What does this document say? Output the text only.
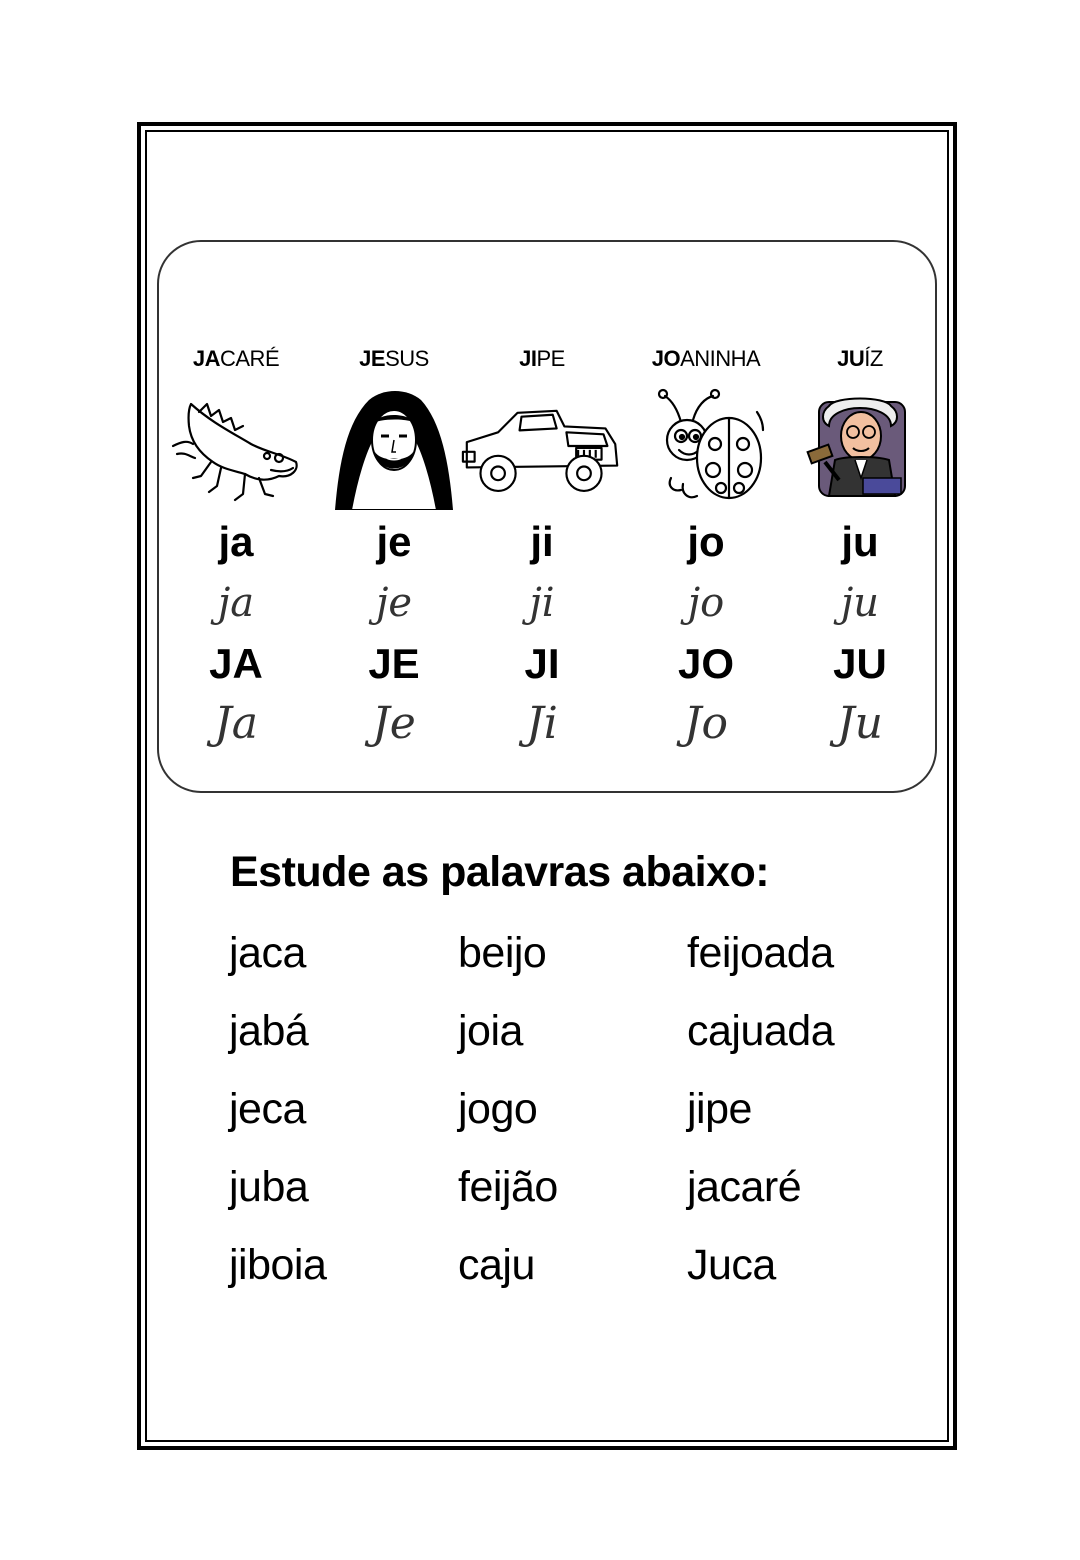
JACARÉ
ja
ja
JA
Ja
JESUS
je
je
JE
Je
JIPE
ji
ji
JI
Ji
JOANINHA
jo
jo
JO
Jo
JUÍZ
ju
ju
JU
Ju
Estude as palavras abaixo:
jaca
jabá
jeca
juba
jiboia
beijo
joia
jogo
feijão
caju
feijoada
cajuada
jipe
jacaré
Juca
